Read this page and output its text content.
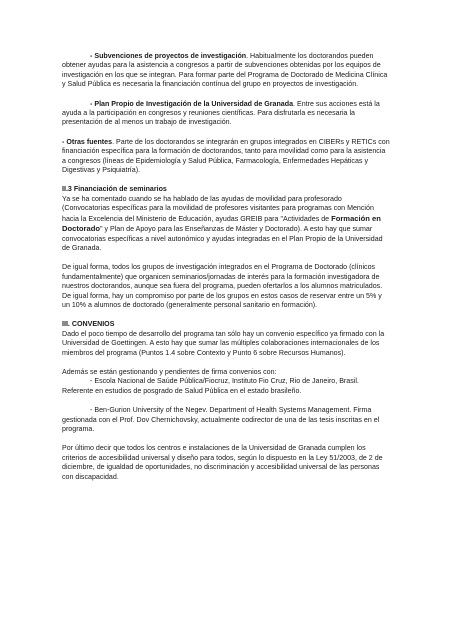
- Subvenciones de proyectos de investigación. Habitualmente los doctorandos pueden obtener ayudas para la asistencia a congresos a partir de subvenciones obtenidas por los equipos de investigación en los que se integran. Para formar parte del Programa de Doctorado de Medicina Clínica y Salud Pública es necesaria la financiación contínua del grupo en proyectos de investigación.

- Plan Propio de Investigación de la Universidad de Granada. Entre sus acciones está la ayuda a la participación en congresos y reuniones científicas. Para disfrutarla es necesaria la presentación de al menos un trabajo de investigación.

- Otras fuentes. Parte de los doctorandos se integrarán en grupos integrados en CIBERs y RETICs con financiación específica para la formación de doctorandos, tanto para movilidad como para la asistencia a congresos (líneas de Epidemiología y Salud Pública, Farmacología, Enfermedades Hepáticas y Digestivas y Psiquiatría).

II.3 Financiación de seminarios

Ya se ha comentado cuando se ha hablado de las ayudas de movilidad para profesorado (Convocatorias específicas para la movilidad de profesores visitantes para programas con Mención hacia la Excelencia del Ministerio de Educación, ayudas GREIB para "Actividades de Formación en Doctorado" y Plan de Apoyo para las Enseñanzas de Máster y Doctorado). A esto hay que sumar convocatorias específicas a nivel autonómico y ayudas integradas en el Plan Propio de la Universidad de Granada.

De igual forma, todos los grupos de investigación integrados en el Programa de Doctorado (clínicos fundamentalmente) que organicen seminarios/jornadas de interés para la formación investigadora de nuestros doctorandos, aunque sea fuera del programa, pueden ofertarlos a los alumnos matriculados. De igual forma, hay un compromiso por parte de los grupos en estos casos de reservar entre un 5% y un 10% a alumnos de doctorado (generalmente personal sanitario en formación).

III. CONVENIOS

Dado el poco tiempo de desarrollo del programa tan sólo hay un convenio específico ya firmado con la Universidad de Goettingen. A esto hay que sumar las múltiples colaboraciones internacionales de los miembros del programa (Puntos 1.4 sobre Contexto y Punto 6 sobre Recursos Humanos).

Además se están gestionando y pendientes de firma convenios con:

- Escola Nacional de Saúde Pública/Fiocruz, Instituto Fio Cruz, Rio de Janeiro, Brasil. Referente en estudios de posgrado de Salud Pública en el estado brasileño.

- Ben-Gurion University of the Negev. Department of Health Systems Management. Firma gestionada con el Prof. Dov Chernichovsky, actualmente codirector de una de las tesis inscritas en el programa.

Por último decir que todos los centros e instalaciones de la Universidad de Granada cumplen los criterios de accesibilidad universal y diseño para todos, según lo dispuesto en la Ley 51/2003, de 2 de diciembre, de igualdad de oportunidades, no discriminación y accesibilidad universal de las personas con discapacidad.
